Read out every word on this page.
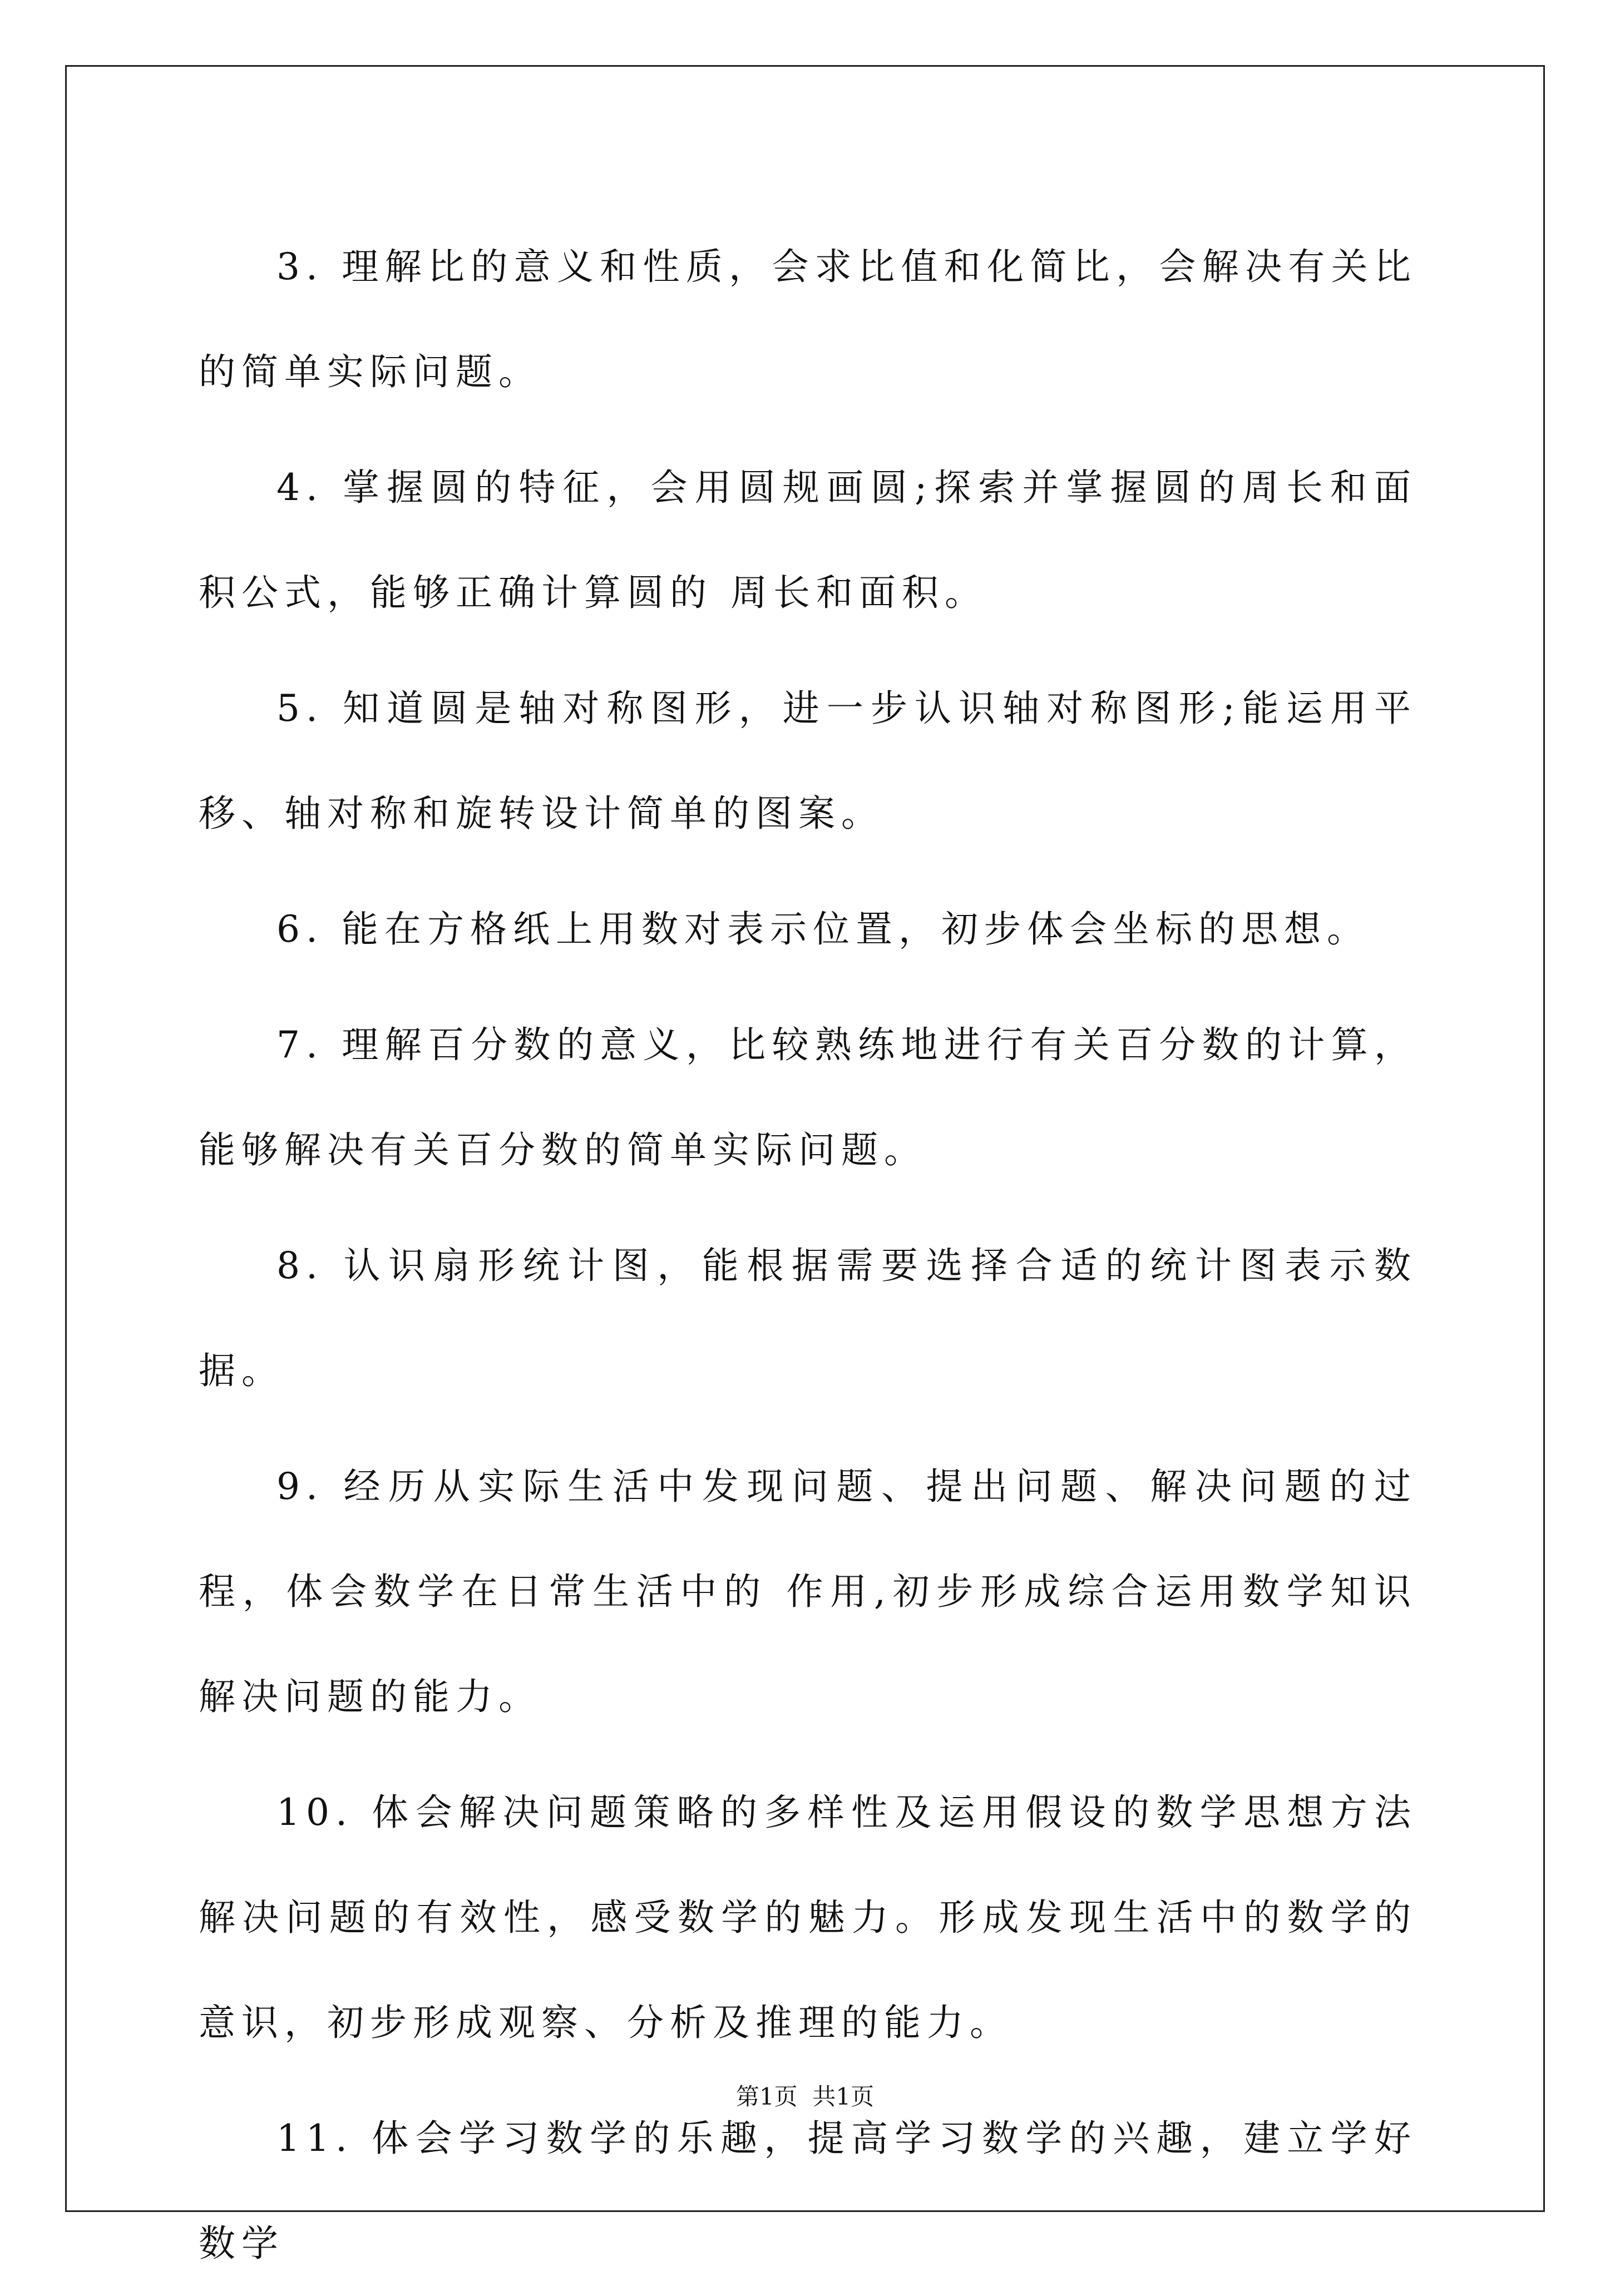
3. 理解比的意义和性质，会求比值和化简比，会解决有关比的简单实际问题。

4. 掌握圆的特征，会用圆规画圆;探索并掌握圆的周长和面积公式，能够正确计算圆的 周长和面积。

5. 知道圆是轴对称图形，进一步认识轴对称图形;能运用平移、轴对称和旋转设计简单的图案。

6. 能在方格纸上用数对表示位置，初步体会坐标的思想。

7. 理解百分数的意义，比较熟练地进行有关百分数的计算，能够解决有关百分数的简单实际问题。

8. 认识扇形统计图，能根据需要选择合适的统计图表示数据。

9. 经历从实际生活中发现问题、提出问题、解决问题的过程，体会数学在日常生活中的 作用,初步形成综合运用数学知识解决问题的能力。

10. 体会解决问题策略的多样性及运用假设的数学思想方法解决问题的有效性，感受数学的魅力。形成发现生活中的数学的意识，初步形成观察、分析及推理的能力。

11. 体会学习数学的乐趣，提高学习数学的兴趣，建立学好数学

第1页  共1页
